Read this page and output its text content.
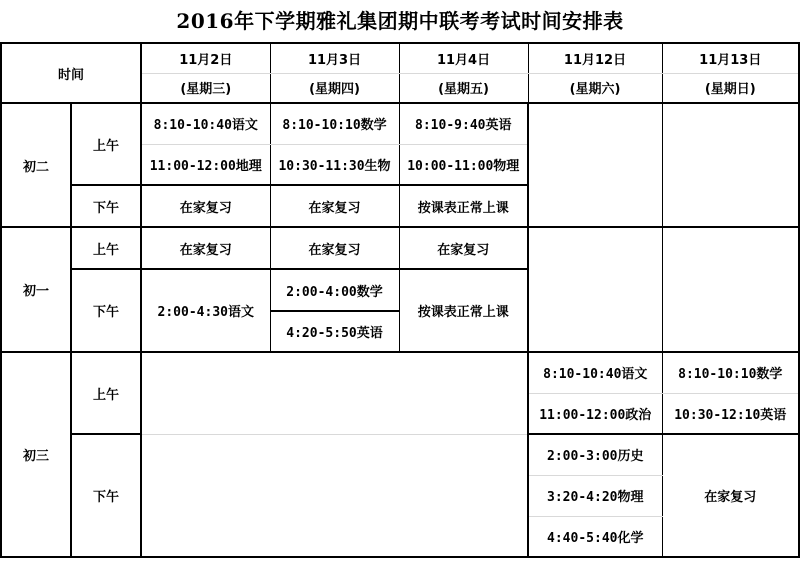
2016年下学期雅礼集团期中联考考试时间安排表
时间		11月2日	11月3日	11月4日	11月12日	11月13日
		(星期三)	(星期四)	(星期五)	(星期六)	(星期日)
初二	上午	8:10-10:40语文	8:10-10:10数学	8:10-9:40英语		
		11:00-12:00地理	10:30-11:30生物	10:00-11:00物理		
	下午	在家复习	在家复习	按课表正常上课		
初一	上午	在家复习	在家复习	在家复习		
	下午	2:00-4:30语文	2:00-4:00数学	按课表正常上课		
			4:20-5:50英语			
初三	上午				8:10-10:40语文	8:10-10:10数学
					11:00-12:00政治	10:30-12:10英语
	下午				2:00-3:00历史	在家复习
					3:20-4:20物理	
					4:40-5:40化学	
